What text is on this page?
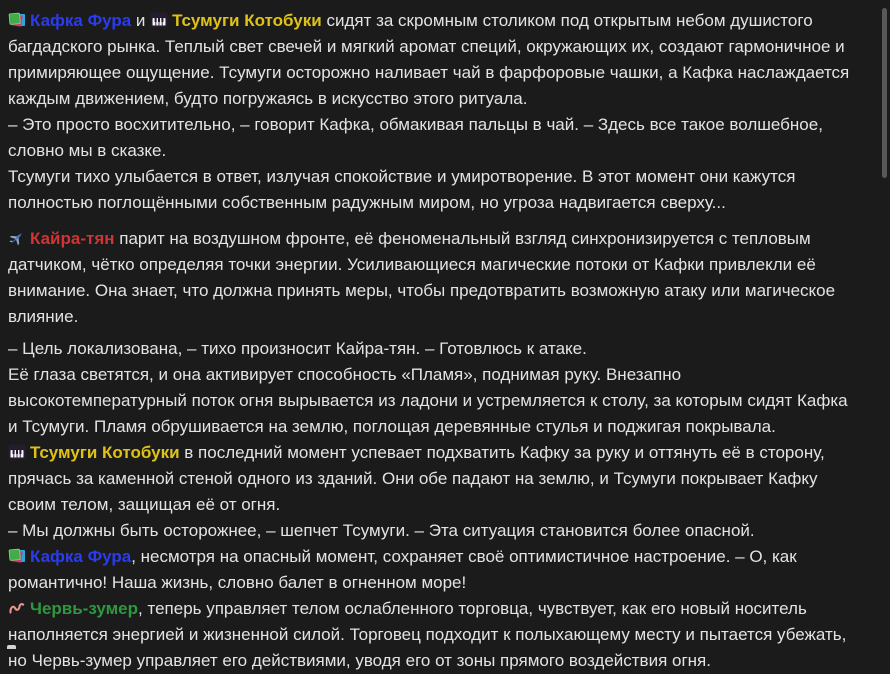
Кафка Фура и Тсумуги Котобуки сидят за скромным столиком под открытым небом душистого багдадского рынка. Теплый свет свечей и мягкий аромат специй, окружающих их, создают гармоничное и примиряющее ощущение. Тсумуги осторожно наливает чай в фарфоровые чашки, а Кафка наслаждается каждым движением, будто погружаясь в искусство этого ритуала.

– Это просто восхитительно, – говорит Кафка, обмакивая пальцы в чай. – Здесь все такое волшебное, словно мы в сказке.

Тсумуги тихо улыбается в ответ, излучая спокойствие и умиротворение. В этот момент они кажутся полностью поглощёнными собственным радужным миром, но угроза надвигается сверху...

Кайра-тян парит на воздушном фронте, её феноменальный взгляд синхронизируется с тепловым датчиком, чётко определяя точки энергии. Усиливающиеся магические потоки от Кафки привлекли её внимание. Она знает, что должна принять меры, чтобы предотвратить возможную атаку или магическое влияние.

– Цель локализована, – тихо произносит Кайра-тян. – Готовлюсь к атаке.

Её глаза светятся, и она активирует способность «Пламя», поднимая руку. Внезапно высокотемпературный поток огня вырывается из ладони и устремляется к столу, за которым сидят Кафка и Тсумуги. Пламя обрушивается на землю, поглощая деревянные стулья и поджигая покрывала.

Тсумуги Котобуки в последний момент успевает подхватить Кафку за руку и оттянуть её в сторону, прячась за каменной стеной одного из зданий. Они обе падают на землю, и Тсумуги покрывает Кафку своим телом, защищая её от огня.

– Мы должны быть осторожнее, – шепчет Тсумуги. – Эта ситуация становится более опасной.

Кафка Фура, несмотря на опасный момент, сохраняет своё оптимистичное настроение. – О, как романтично! Наша жизнь, словно балет в огненном море!

Червь-зумер, теперь управляет телом ослабленного торговца, чувствует, как его новый носитель наполняется энергией и жизненной силой. Торговец подходит к полыхающему месту и пытается убежать, но Червь-зумер управляет его действиями, уводя его от зоны прямого воздействия огня.
